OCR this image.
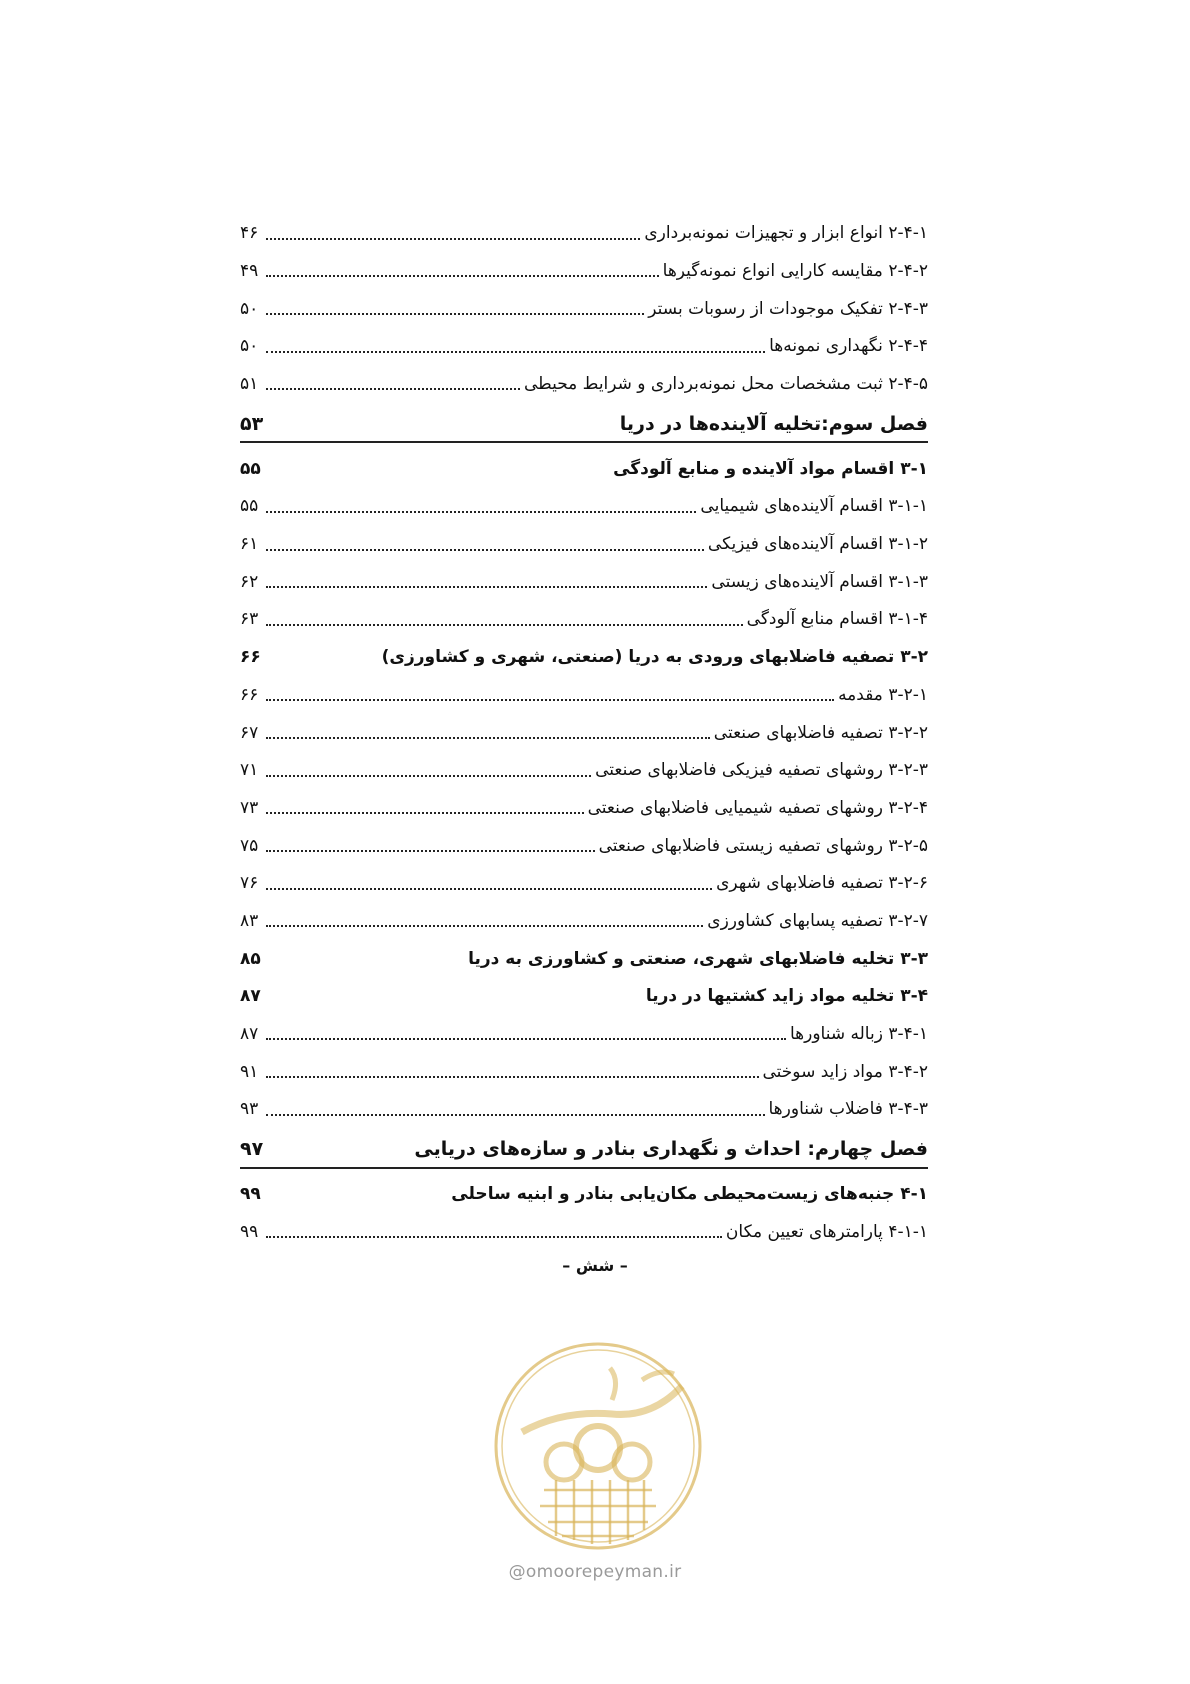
۲-۴-۱ انواع ابزار و تجهیزات نمونه‌برداری
۴۶
۲-۴-۲ مقایسه کارایی انواع نمونه‌گیرها
۴۹
۲-۴-۳ تفکیک موجودات از رسوبات بستر
۵۰
۲-۴-۴ نگهداری نمونه‌ها
۵۰
۲-۴-۵ ثبت مشخصات محل نمونه‌برداری و شرایط محیطی
۵۱
فصل سوم:تخلیه آلاینده‌ها در دریا
۵۳
۳-۱ اقسام مواد آلاینده و منابع آلودگی
۵۵
۳-۱-۱ اقسام آلاینده‌های شیمیایی
۵۵
۳-۱-۲ اقسام آلاینده‌های فیزیکی
۶۱
۳-۱-۳ اقسام آلاینده‌های زیستی
۶۲
۳-۱-۴ اقسام منابع آلودگی
۶۳
۳-۲ تصفیه فاضلابهای ورودی به دریا (صنعتی، شهری و کشاورزی)
۶۶
۳-۲-۱ مقدمه
۶۶
۳-۲-۲ تصفیه فاضلابهای صنعتی
۶۷
۳-۲-۳ روشهای تصفیه فیزیکی فاضلابهای صنعتی
۷۱
۳-۲-۴ روشهای تصفیه شیمیایی فاضلابهای صنعتی
۷۳
۳-۲-۵ روشهای تصفیه زیستی فاضلابهای صنعتی
۷۵
۳-۲-۶ تصفیه فاضلابهای شهری
۷۶
۳-۲-۷ تصفیه پسابهای کشاورزی
۸۳
۳-۳ تخلیه فاضلابهای شهری، صنعتی و کشاورزی به دریا
۸۵
۳-۴ تخلیه مواد زاید کشتیها در دریا
۸۷
۳-۴-۱ زباله شناورها
۸۷
۳-۴-۲ مواد زاید سوختی
۹۱
۳-۴-۳ فاضلاب شناورها
۹۳
فصل چهارم: احداث و نگهداری بنادر و سازه‌های دریایی
۹۷
۴-۱ جنبه‌های زیست‌محیطی مکان‌یابی بنادر و ابنیه ساحلی
۹۹
۴-۱-۱ پارامترهای تعیین مکان
۹۹
– شش –
@omoorepeyman.ir
